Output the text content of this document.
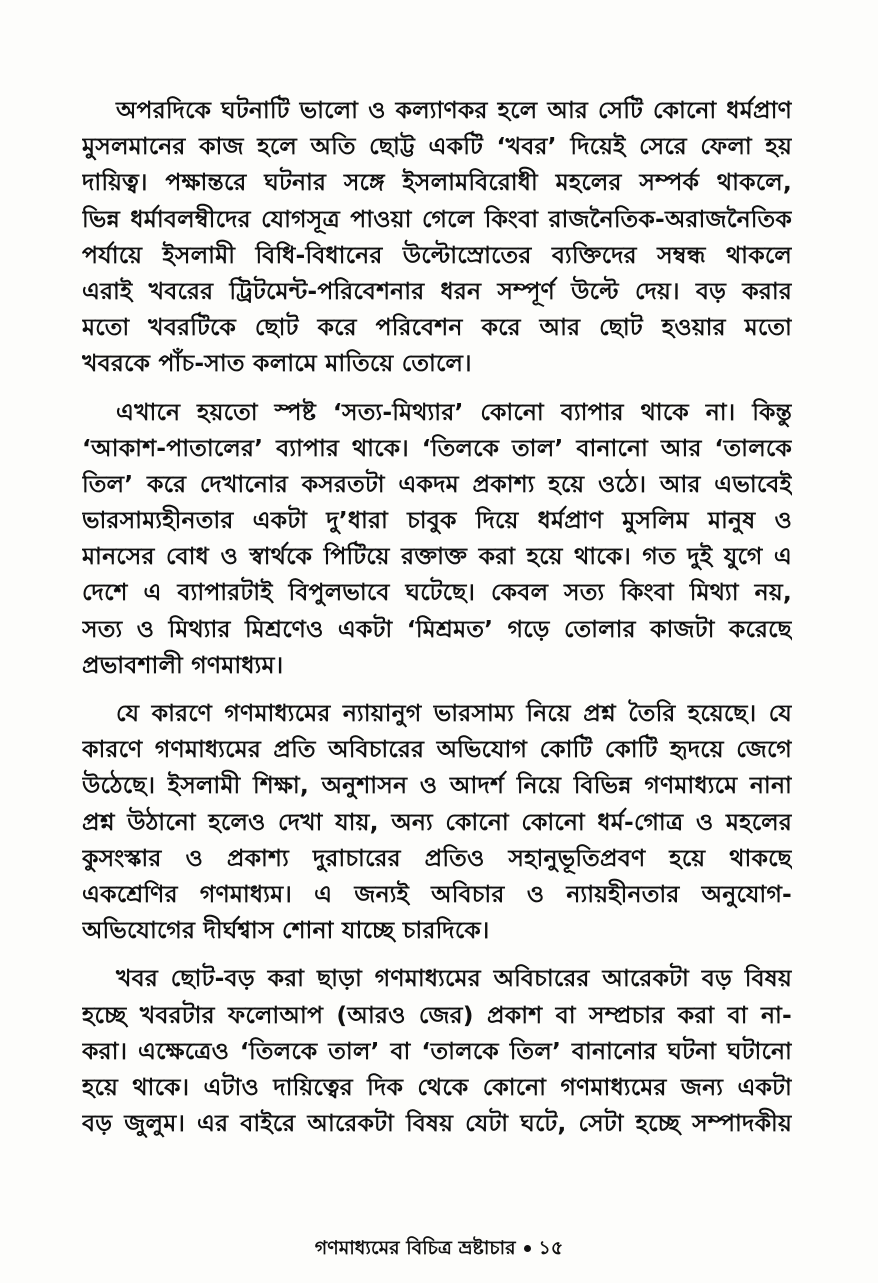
অপরদিকে ঘটনাটি ভালো ও কল্যাণকর হলে আর সেটি কোনো ধর্মপ্রাণ
মুসলমানের কাজ হলে অতি ছোট্ট একটি ‘খবর’ দিয়েই সেরে ফেলা হয়
দায়িত্ব। পক্ষান্তরে ঘটনার সঙ্গে ইসলামবিরোধী মহলের সম্পর্ক থাকলে,
ভিন্ন ধর্মাবলম্বীদের যোগসূত্র পাওয়া গেলে কিংবা রাজনৈতিক-অরাজনৈতিক
পর্যায়ে ইসলামী বিধি-বিধানের উল্টোস্রোতের ব্যক্তিদের সম্বন্ধ থাকলে
এরাই খবরের ট্রিটমেন্ট-পরিবেশনার ধরন সম্পূর্ণ উল্টে দেয়। বড় করার
মতো খবরটিকে ছোট করে পরিবেশন করে আর ছোট হওয়ার মতো
খবরকে পাঁচ-সাত কলামে মাতিয়ে তোলে।
এখানে হয়তো স্পষ্ট ‘সত্য-মিথ্যার’ কোনো ব্যাপার থাকে না। কিন্তু
‘আকাশ-পাতালের’ ব্যাপার থাকে। ‘তিলকে তাল’ বানানো আর ‘তালকে
তিল’ করে দেখানোর কসরতটা একদম প্রকাশ্য হয়ে ওঠে। আর এভাবেই
ভারসাম্যহীনতার একটা দু’ধারা চাবুক দিয়ে ধর্মপ্রাণ মুসলিম মানুষ ও
মানসের বোধ ও স্বার্থকে পিটিয়ে রক্তাক্ত করা হয়ে থাকে। গত দুই যুগে এ
দেশে এ ব্যাপারটাই বিপুলভাবে ঘটেছে। কেবল সত্য কিংবা মিথ্যা নয়,
সত্য ও মিথ্যার মিশ্রণেও একটা ‘মিশ্রমত’ গড়ে তোলার কাজটা করেছে
প্রভাবশালী গণমাধ্যম।
যে কারণে গণমাধ্যমের ন্যায়ানুগ ভারসাম্য নিয়ে প্রশ্ন তৈরি হয়েছে। যে
কারণে গণমাধ্যমের প্রতি অবিচারের অভিযোগ কোটি কোটি হৃদয়ে জেগে
উঠেছে। ইসলামী শিক্ষা, অনুশাসন ও আদর্শ নিয়ে বিভিন্ন গণমাধ্যমে নানা
প্রশ্ন উঠানো হলেও দেখা যায়, অন্য কোনো কোনো ধর্ম-গোত্র ও মহলের
কুসংস্কার ও প্রকাশ্য দুরাচারের প্রতিও সহানুভূতিপ্রবণ হয়ে থাকছে
একশ্রেণির গণমাধ্যম। এ জন্যই অবিচার ও ন্যায়হীনতার অনুযোগ-
অভিযোগের দীর্ঘশ্বাস শোনা যাচ্ছে চারদিকে।
খবর ছোট-বড় করা ছাড়া গণমাধ্যমের অবিচারের আরেকটা বড় বিষয়
হচ্ছে খবরটার ফলোআপ (আরও জের) প্রকাশ বা সম্প্রচার করা বা না-
করা। এক্ষেত্রেও ‘তিলকে তাল’ বা ‘তালকে তিল’ বানানোর ঘটনা ঘটানো
হয়ে থাকে। এটাও দায়িত্বের দিক থেকে কোনো গণমাধ্যমের জন্য একটা
বড় জুলুম। এর বাইরে আরেকটা বিষয় যেটা ঘটে, সেটা হচ্ছে সম্পাদকীয়
গণমাধ্যমের বিচিত্র ভ্রষ্টাচার ১৫
